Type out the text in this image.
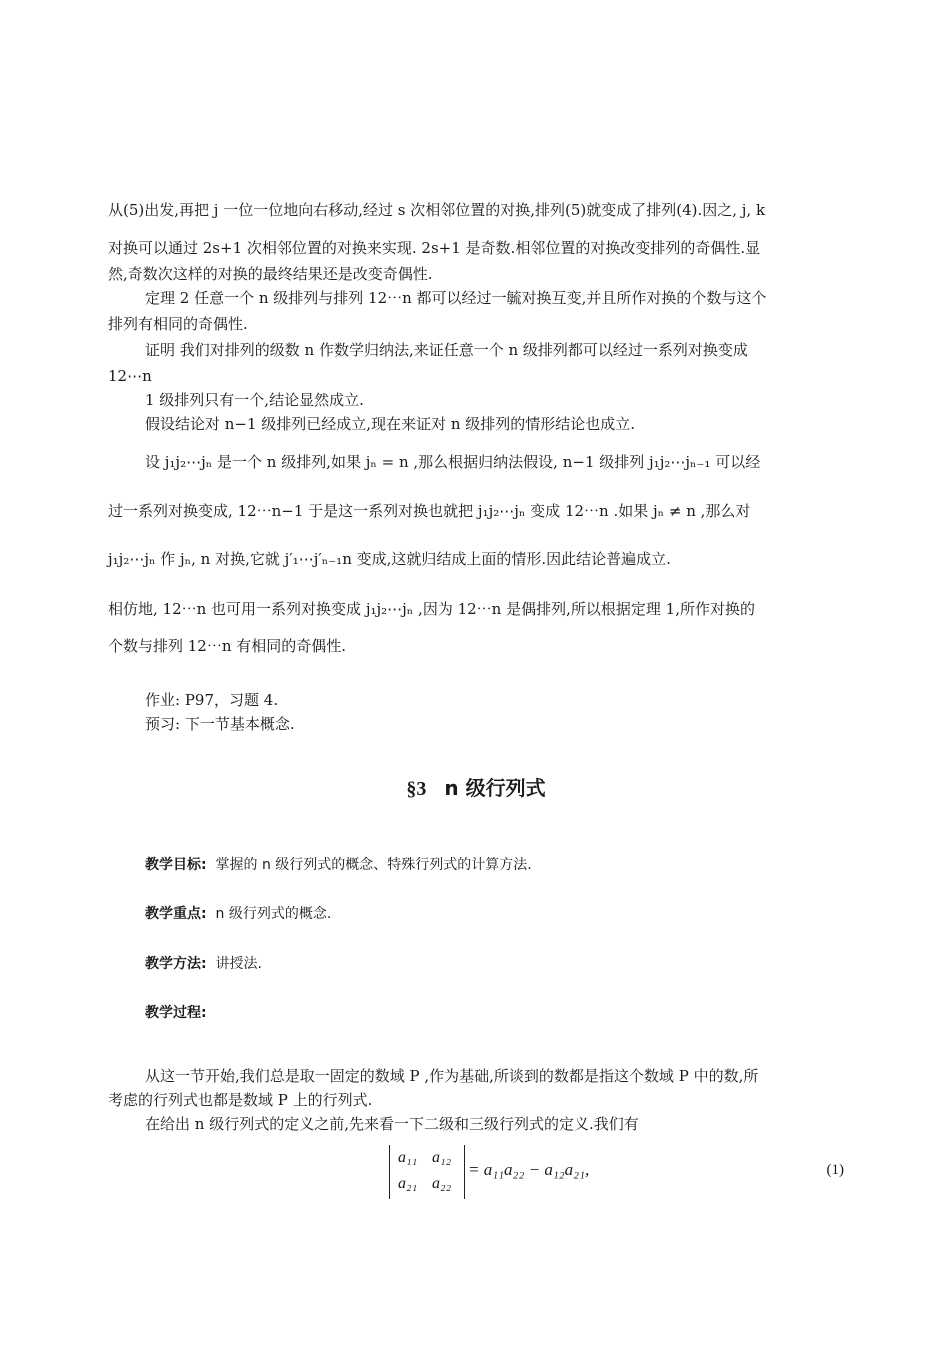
从(5)出发,再把 j 一位一位地向右移动,经过 s 次相邻位置的对换,排列(5)就变成了排列(4).因之, j, k
对换可以通过 2s+1 次相邻位置的对换来实现. 2s+1 是奇数.相邻位置的对换改变排列的奇偶性.显
然,奇数次这样的对换的最终结果还是改变奇偶性.
定理 2 任意一个 n 级排列与排列 12⋯n 都可以经过一毓对换互变,并且所作对换的个数与这个
排列有相同的奇偶性.
证明 我们对排列的级数 n 作数学归纳法,来证任意一个 n 级排列都可以经过一系列对换变成
12⋯n
1 级排列只有一个,结论显然成立.
假设结论对 n−1 级排列已经成立,现在来证对 n 级排列的情形结论也成立.
设 j₁j₂⋯jₙ 是一个 n 级排列,如果 jₙ = n ,那么根据归纳法假设, n−1 级排列 j₁j₂⋯jₙ₋₁ 可以经
过一系列对换变成, 12⋯n−1 于是这一系列对换也就把 j₁j₂⋯jₙ 变成 12⋯n .如果 jₙ ≠ n ,那么对
j₁j₂⋯jₙ 作 jₙ, n 对换,它就 j′₁⋯j′ₙ₋₁n 变成,这就归结成上面的情形.因此结论普遍成立.
相仿地, 12⋯n 也可用一系列对换变成 j₁j₂⋯jₙ ,因为 12⋯n 是偶排列,所以根据定理 1,所作对换的
个数与排列 12⋯n 有相同的奇偶性.
作业: P97，习题 4.
预习: 下一节基本概念.
§3 n 级行列式
教学目标: 掌握的 n 级行列式的概念、特殊行列式的计算方法.
教学重点: n 级行列式的概念.
教学方法: 讲授法.
教学过程:
从这一节开始,我们总是取一固定的数域 P ,作为基础,所谈到的数都是指这个数域 P 中的数,所
考虑的行列式也都是数域 P 上的行列式.
在给出 n 级行列式的定义之前,先来看一下二级和三级行列式的定义.我们有
a₁₁ a₁₂
a₂₁ a₂₂
= a₁₁a₂₂ − a₁₂a₂₁,	(1)
